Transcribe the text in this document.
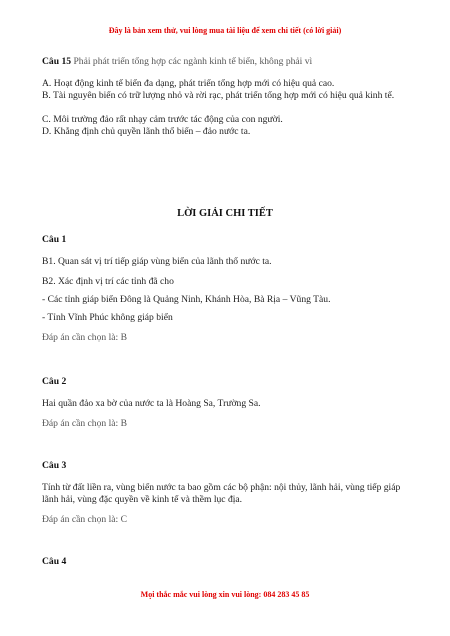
Đây là bản xem thử, vui lòng mua tài liệu để xem chi tiết (có lời giải)
Câu 15 Phải phát triển tổng hợp các ngành kinh tế biển, không phải vì
A. Hoạt động kinh tế biển đa dạng, phát triển tổng hợp mới có hiệu quả cao.
B. Tài nguyên biển có trữ lượng nhỏ và rời rạc, phát triển tổng hợp mới có hiệu quả kinh tế.
C. Môi trường đảo rất nhạy cảm trước tác động của con người.
D. Khẳng định chủ quyền lãnh thổ biển – đảo nước ta.
LỜI GIẢI CHI TIẾT
Câu 1
B1. Quan sát vị trí tiếp giáp vùng biển của lãnh thổ nước ta.
B2. Xác định vị trí các tỉnh đã cho
- Các tỉnh giáp biển Đông là Quảng Ninh, Khánh Hòa, Bà Rịa – Vũng Tàu.
- Tỉnh Vĩnh Phúc không giáp biển
Đáp án cần chọn là: B
Câu 2
Hai quần đảo xa bờ của nước ta là Hoàng Sa, Trường Sa.
Đáp án cần chọn là: B
Câu 3
Tính từ đất liền ra, vùng biển nước ta bao gồm các bộ phận: nội thủy, lãnh hải, vùng tiếp giáp lãnh hải, vùng đặc quyền về kinh tế và thềm lục địa.
Đáp án cần chọn là: C
Câu 4
Mọi thắc mắc vui lòng xin vui lòng: 084 283 45 85
